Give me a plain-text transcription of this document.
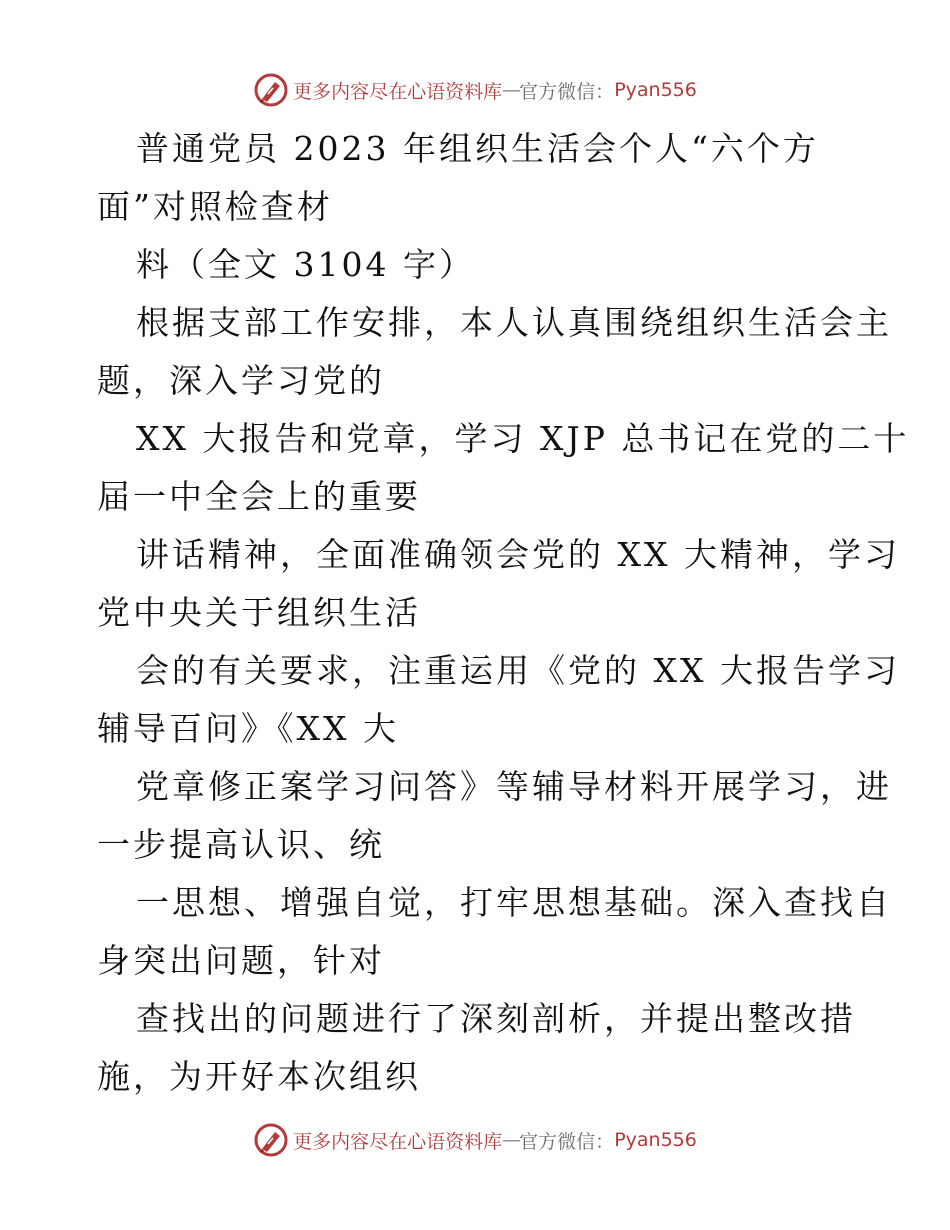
更多内容尽在心语资料库 — 官方微信 ： Pyan556
普通党员 2023 年组织生活会个人“六个方
面”对照检查材
料（全文 3104 字）
根据支部工作安排，本人认真围绕组织生活会主
题，深入学习党的
XX 大报告和党章，学习 XJP 总书记在党的二十
届一中全会上的重要
讲话精神，全面准确领会党的 XX 大精神，学习
党中央关于组织生活
会的有关要求，注重运用《党的 XX 大报告学习
辅导百问》《XX 大
党章修正案学习问答》等辅导材料开展学习，进
一步提高认识、统
一思想、增强自觉，打牢思想基础。深入查找自
身突出问题，针对
查找出的问题进行了深刻剖析，并提出整改措
施，为开好本次组织
更多内容尽在心语资料库 — 官方微信 ： Pyan556
